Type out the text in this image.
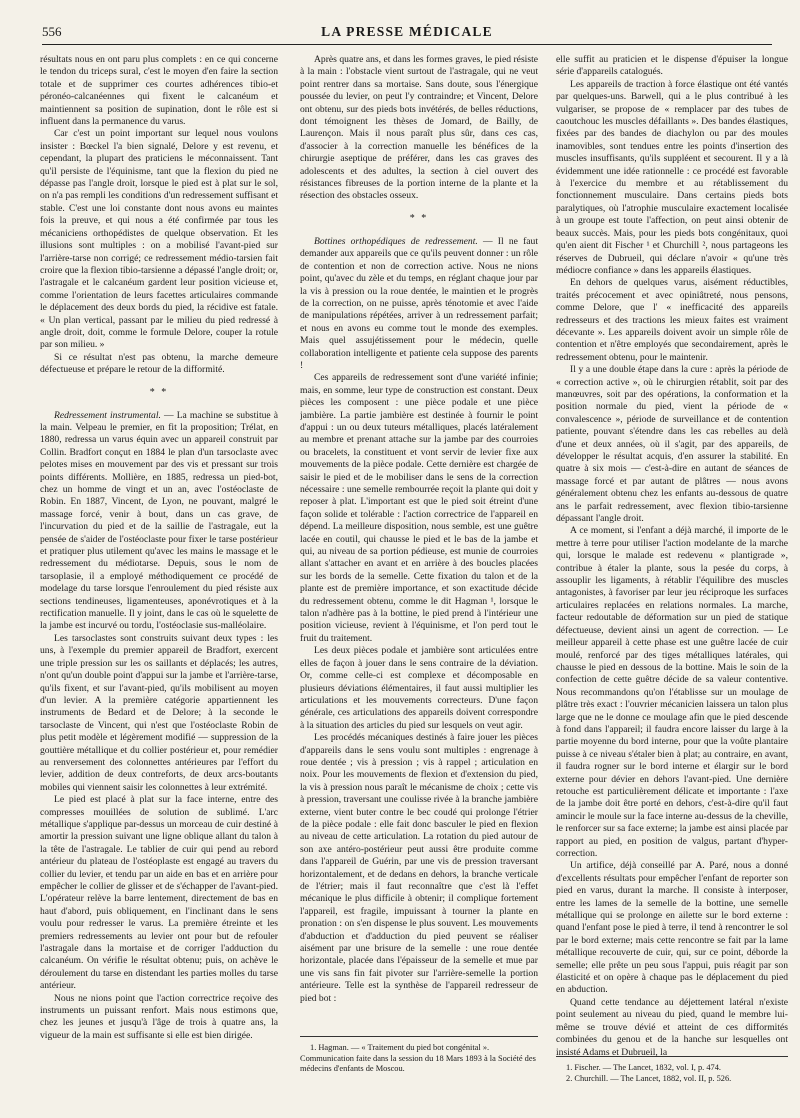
556	LA PRESSE MÉDICALE

résultats nous en ont paru plus complets : en ce qui concerne le tendon du triceps sural, c'est le moyen d'en faire la section totale et de supprimer ces courtes adhérences tibio-et péronéo-calcanéennes qui fixent le calcanéum et maintiennent sa position de supination, dont le rôle est si influent dans la permanence du varus.

Car c'est un point important sur lequel nous voulons insister : Bœckel l'a bien signalé, Delore y est revenu, et cependant, la plupart des praticiens le méconnaissent. Tant qu'il persiste de l'équinisme, tant que la flexion du pied ne dépasse pas l'angle droit, lorsque le pied est à plat sur le sol, on n'a pas rempli les conditions d'un redressement suffisant et stable. C'est une loi constante dont nous avons eu maintes fois la preuve, et qui nous a été confirmée par tous les mécaniciens orthopédistes de quelque observation. Et les illusions sont multiples : on a mobilisé l'avant-pied sur l'arrière-tarse non corrigé; ce redressement médio-tarsien fait croire que la flexion tibio-tarsienne a dépassé l'angle droit; or, l'astragale et le calcanéum gardent leur position vicieuse et, comme l'orientation de leurs facettes articulaires commande le déplacement des deux bords du pied, la récidive est fatale. « Un plan vertical, passant par le milieu du pied redressé à angle droit, doit, comme le formule Delore, couper la rotule par son milieu. »

Si ce résultat n'est pas obtenu, la marche demeure défectueuse et prépare le retour de la difformité.

* *

Redressement instrumental. — La machine se substitue à la main. Velpeau le premier, en fit la proposition; Trélat, en 1880, redressa un varus équin avec un appareil construit par Collin. Bradfort conçut en 1884 le plan d'un tarsoclaste avec pelotes mises en mouvement par des vis et pressant sur trois points différents. Mollière, en 1885, redressa un pied-bot, chez un homme de vingt et un an, avec l'ostéoclaste de Robin. En 1887, Vincent, de Lyon, ne pouvant, malgré le massage forcé, venir à bout, dans un cas grave, de l'incurvation du pied et de la saillie de l'astragale, eut la pensée de s'aider de l'ostéoclaste pour fixer le tarse postérieur et pratiquer plus utilement qu'avec les mains le massage et le redressement du médiotarse. Depuis, sous le nom de tarsoplasie, il a employé méthodiquement ce procédé de modelage du tarse lorsque l'enroulement du pied résiste aux sections tendineuses, ligamenteuses, aponévrotiques et à la rectification manuelle. Il y joint, dans le cas où le squelette de la jambe est incurvé ou tordu, l'ostéoclasie sus-malléolaire.

Les tarsoclastes sont construits suivant deux types : les uns, à l'exemple du premier appareil de Bradfort, exercent une triple pression sur les os saillants et déplacés; les autres, n'ont qu'un double point d'appui sur la jambe et l'arrière-tarse, qu'ils fixent, et sur l'avant-pied, qu'ils mobilisent au moyen d'un levier. A la première catégorie appartiennent les instruments de Bedard et de Delore; à la seconde le tarsoclaste de Vincent, qui n'est que l'ostéoclaste Robin de plus petit modèle et légèrement modifié — suppression de la gouttière métallique et du collier postérieur et, pour remédier au renversement des colonnettes antérieures par l'effort du levier, addition de deux contreforts, de deux arcs-boutants mobiles qui viennent saisir les colonnettes à leur extrémité.

Le pied est placé à plat sur la face interne, entre des compresses mouillées de solution de sublimé. L'arc métallique s'applique par-dessus un morceau de cuir destiné à amortir la pression suivant une ligne oblique allant du talon à la tête de l'astragale. Le tablier de cuir qui pend au rebord antérieur du plateau de l'ostéoplaste est engagé au travers du collier du levier, et tendu par un aide en bas et en arrière pour empêcher le collier de glisser et de s'échapper de l'avant-pied. L'opérateur relève la barre lentement, directement de bas en haut d'abord, puis obliquement, en l'inclinant dans le sens voulu pour redresser le varus. La première étreinte et les premiers redressements au levier ont pour but de refouler l'astragale dans la mortaise et de corriger l'adduction du calcanéum. On vérifie le résultat obtenu; puis, on achève le déroulement du tarse en distendant les parties molles du tarse antérieur.

Nous ne nions point que l'action correctrice reçoive des instruments un puissant renfort. Mais nous estimons que, chez les jeunes et jusqu'à l'âge de trois à quatre ans, la vigueur de la main est suffisante si elle est bien dirigée.

Après quatre ans, et dans les formes graves, le pied résiste à la main : l'obstacle vient surtout de l'astragale, qui ne veut point rentrer dans sa mortaise. Sans doute, sous l'énergique poussée du levier, on peut l'y contraindre; et Vincent, Delore ont obtenu, sur des pieds bots invétérés, de belles réductions, dont témoignent les thèses de Jomard, de Bailly, de Laurençon. Mais il nous paraît plus sûr, dans ces cas, d'associer à la correction manuelle les bénéfices de la chirurgie aseptique de préférer, dans les cas graves des adolescents et des adultes, la section à ciel ouvert des résistances fibreuses de la portion interne de la plante et la résection des obstacles osseux.

* *

Bottines orthopédiques de redressement. — Il ne faut demander aux appareils que ce qu'ils peuvent donner : un rôle de contention et non de correction active. Nous ne nions point, qu'avec du zèle et du temps, en réglant chaque jour par la vis à pression ou la roue dentée, le maintien et le progrès de la correction, on ne puisse, après ténotomie et avec l'aide de manipulations répétées, arriver à un redressement parfait; et nous en avons eu comme tout le monde des exemples. Mais quel assujétissement pour le médecin, quelle collaboration intelligente et patiente cela suppose des parents !

Ces appareils de redressement sont d'une variété infinie; mais, en somme, leur type de construction est constant. Deux pièces les composent : une pièce podale et une pièce jambière. La partie jambière est destinée à fournir le point d'appui : un ou deux tuteurs métalliques, placés latéralement au membre et prenant attache sur la jambe par des courroies ou bracelets, la constituent et vont servir de levier fixe aux mouvements de la pièce podale. Cette dernière est chargée de saisir le pied et de le mobiliser dans le sens de la correction nécessaire : une semelle rembourrée reçoit la plante qui doit y reposer à plat. L'important est que le pied soit étreint d'une façon solide et tolérable : l'action correctrice de l'appareil en dépend. La meilleure disposition, nous semble, est une guêtre lacée en coutil, qui chausse le pied et le bas de la jambe et qui, au niveau de sa portion pédieuse, est munie de courroies allant s'attacher en avant et en arrière à des boucles placées sur les bords de la semelle. Cette fixation du talon et de la plante est de première importance, et son exactitude décide du redressement obtenu, comme le dit Hagman ¹, lorsque le talon n'adhère pas à la bottine, le pied prend à l'intérieur une position vicieuse, revient à l'équinisme, et l'on perd tout le fruit du traitement.

Les deux pièces podale et jambière sont articulées entre elles de façon à jouer dans le sens contraire de la déviation. Or, comme celle-ci est complexe et décomposable en plusieurs déviations élémentaires, il faut aussi multiplier les articulations et les mouvements correcteurs. D'une façon générale, ces articulations des appareils doivent correspondre à la situation des articles du pied sur lesquels on veut agir.

Les procédés mécaniques destinés à faire jouer les pièces d'appareils dans le sens voulu sont multiples : engrenage à roue dentée ; vis à pression ; vis à rappel ; articulation en noix. Pour les mouvements de flexion et d'extension du pied, la vis à pression nous paraît le mécanisme de choix ; cette vis à pression, traversant une coulisse rivée à la branche jambière externe, vient buter contre le bec coudé qui prolonge l'étrier de la pièce podale : elle fait donc basculer le pied en flexion au niveau de cette articulation. La rotation du pied autour de son axe antéro-postérieur peut aussi être produite comme dans l'appareil de Guérin, par une vis de pression traversant horizontalement, et de dedans en dehors, la branche verticale de l'étrier; mais il faut reconnaître que c'est là l'effet mécanique le plus difficile à obtenir; il complique fortement l'appareil, est fragile, impuissant à tourner la plante en pronation : on s'en dispense le plus souvent. Les mouvements d'abduction et d'adduction du pied peuvent se réaliser aisément par une brisure de la semelle : une roue dentée horizontale, placée dans l'épaisseur de la semelle et mue par une vis sans fin fait pivoter sur l'arrière-semelle la portion antérieure. Telle est la synthèse de l'appareil redresseur de pied bot :

1. Hagman. — « Traitement du pied bot congénital ». Communication faite dans la session du 18 Mars 1893 à la Société des médecins d'enfants de Moscou.

elle suffit au praticien et le dispense d'épuiser la longue série d'appareils catalogués.

Les appareils de traction à force élastique ont été vantés par quelques-uns. Barwell, qui a le plus contribué à les vulgariser, se propose de « remplacer par des tubes de caoutchouc les muscles défaillants ». Des bandes élastiques, fixées par des bandes de diachylon ou par des moules inamovibles, sont tendues entre les points d'insertion des muscles insuffisants, qu'ils suppléent et secourent. Il y a là évidemment une idée rationnelle : ce procédé est favorable à l'exercice du membre et au rétablissement du fonctionnement musculaire. Dans certains pieds bots paralytiques, où l'atrophie musculaire exactement localisée à un groupe est toute l'affection, on peut ainsi obtenir de beaux succès. Mais, pour les pieds bots congénitaux, quoi qu'en aient dit Fischer ¹ et Churchill ², nous partageons les réserves de Dubrueil, qui déclare n'avoir « qu'une très médiocre confiance » dans les appareils élastiques.

En dehors de quelques varus, aisément réductibles, traités précocement et avec opiniâtreté, nous pensons, comme Delore, que l' « inefficacité des appareils redresseurs et des tractions les mieux faites est vraiment décevante ». Les appareils doivent avoir un simple rôle de contention et n'être employés que secondairement, après le redressement obtenu, pour le maintenir.

Il y a une double étape dans la cure : après la période de « correction active », où le chirurgien rétablit, soit par des manœuvres, soit par des opérations, la conformation et la position normale du pied, vient la période de « convalescence », période de surveillance et de contention patiente, pouvant s'étendre dans les cas rebelles au delà d'une et deux années, où il s'agit, par des appareils, de développer le résultat acquis, d'en assurer la stabilité. En quatre à six mois — c'est-à-dire en autant de séances de massage forcé et par autant de plâtres — nous avons généralement obtenu chez les enfants au-dessous de quatre ans le parfait redressement, avec flexion tibio-tarsienne dépassant l'angle droit.

A ce moment, si l'enfant a déjà marché, il importe de le mettre à terre pour utiliser l'action modelante de la marche qui, lorsque le malade est redevenu « plantigrade », contribue à étaler la plante, sous la pesée du corps, à assouplir les ligaments, à rétablir l'équilibre des muscles antagonistes, à favoriser par leur jeu réciproque les surfaces articulaires replacées en relations normales. La marche, facteur redoutable de déformation sur un pied de statique défectueuse, devient ainsi un agent de correction. — Le meilleur appareil à cette phase est une guêtre lacée de cuir moulé, renforcé par des tiges métalliques latérales, qui chausse le pied en dessous de la bottine. Mais le soin de la confection de cette guêtre décide de sa valeur contentive. Nous recommandons qu'on l'établisse sur un moulage de plâtre très exact : l'ouvrier mécanicien laissera un talon plus large que ne le donne ce moulage afin que le pied descende à fond dans l'appareil; il faudra encore laisser du large à la partie moyenne du bord interne, pour que la voûte plantaire puisse à ce niveau s'étaler bien à plat; au contraire, en avant, il faudra rogner sur le bord interne et élargir sur le bord externe pour dévier en dehors l'avant-pied. Une dernière retouche est particulièrement délicate et importante : l'axe de la jambe doit être porté en dehors, c'est-à-dire qu'il faut amincir le moule sur la face interne au-dessus de la cheville, le renforcer sur sa face externe; la jambe est ainsi placée par rapport au pied, en position de valgus, partant d'hyper-correction.

Un artifice, déjà conseillé par A. Paré, nous a donné d'excellents résultats pour empêcher l'enfant de reporter son pied en varus, durant la marche. Il consiste à interposer, entre les lames de la semelle de la bottine, une semelle métallique qui se prolonge en ailette sur le bord externe : quand l'enfant pose le pied à terre, il tend à rencontrer le sol par le bord externe; mais cette rencontre se fait par la lame métallique recouverte de cuir, qui, sur ce point, déborde la semelle; elle prête un peu sous l'appui, puis réagit par son élasticité et on opère à chaque pas le déplacement du pied en abduction.

Quand cette tendance au déjettement latéral n'existe point seulement au niveau du pied, quand le membre lui-même se trouve dévié et atteint de ces difformités combinées du genou et de la hanche sur lesquelles ont insisté Adams et Dubrueil, la

1. Fischer. — The Lancet, 1832, vol. I, p. 474.

2. Churchill. — The Lancet, 1882, vol. II, p. 526.
